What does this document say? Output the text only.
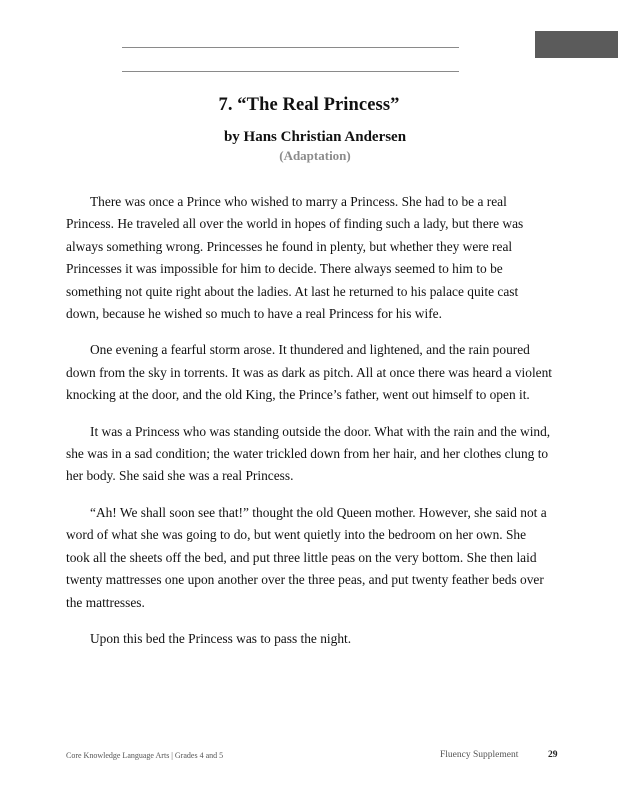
7. “The Real Princess”
by Hans Christian Andersen
(Adaptation)

There was once a Prince who wished to marry a Princess. She had to be a real Princess. He traveled all over the world in hopes of finding such a lady, but there was always something wrong. Princesses he found in plenty, but whether they were real Princesses it was impossible for him to decide. There always seemed to him to be something not quite right about the ladies. At last he returned to his palace quite cast down, because he wished so much to have a real Princess for his wife.

One evening a fearful storm arose. It thundered and lightened, and the rain poured down from the sky in torrents. It was as dark as pitch. All at once there was heard a violent knocking at the door, and the old King, the Prince’s father, went out himself to open it.

It was a Princess who was standing outside the door. What with the rain and the wind, she was in a sad condition; the water trickled down from her hair, and her clothes clung to her body. She said she was a real Princess.

“Ah! We shall soon see that!” thought the old Queen mother. However, she said not a word of what she was going to do, but went quietly into the bedroom on her own. She took all the sheets off the bed, and put three little peas on the very bottom. She then laid twenty mattresses one upon another over the three peas, and put twenty feather beds over the mattresses.

Upon this bed the Princess was to pass the night.

Core Knowledge Language Arts | Grades 4 and 5	Fluency Supplement	29
